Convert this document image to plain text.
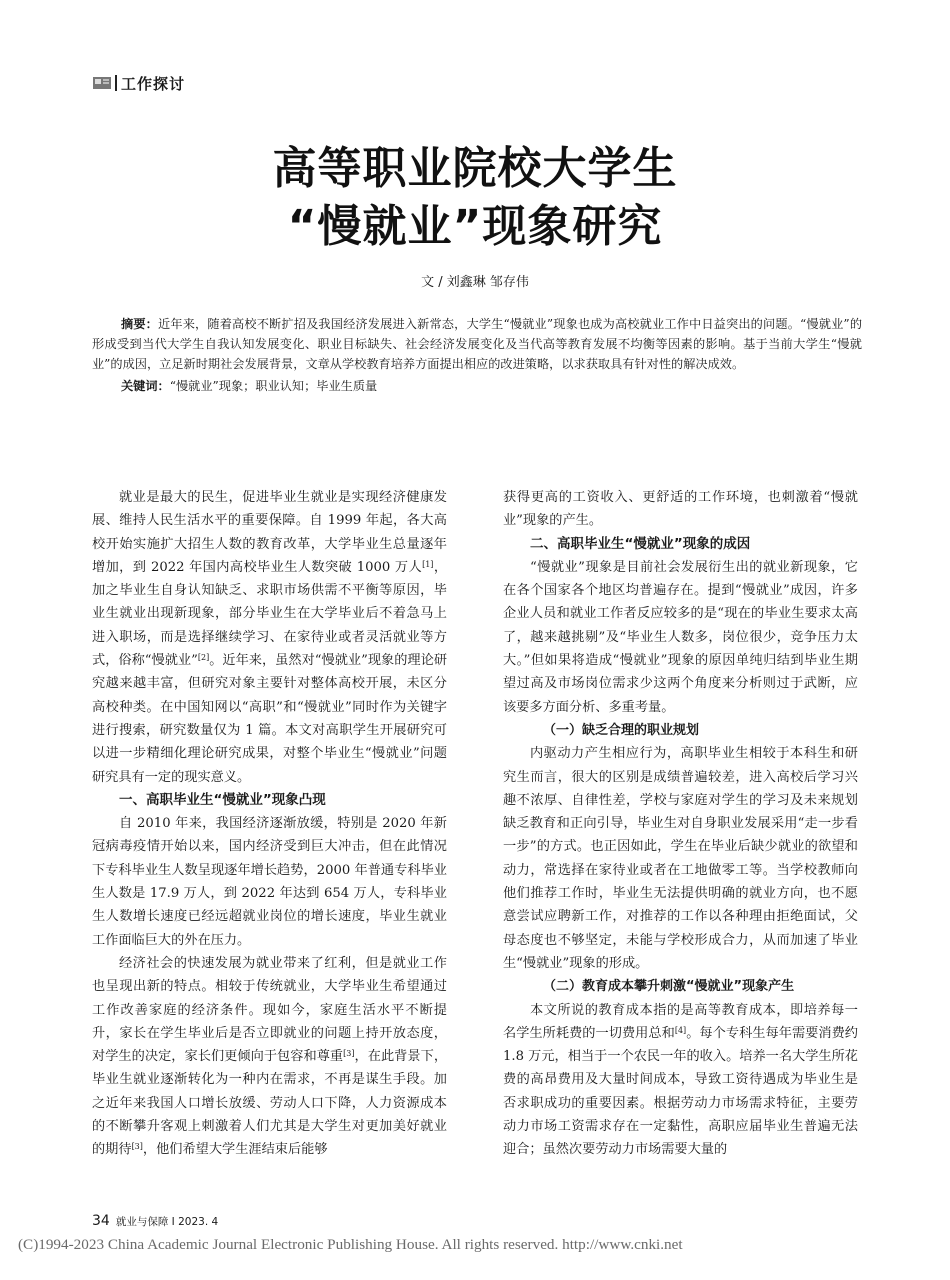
工作探讨
高等职业院校大学生
“慢就业”现象研究
文 / 刘鑫琳 邹存伟

摘要：近年来，随着高校不断扩招及我国经济发展进入新常态，大学生“慢就业”现象也成为高校就业工作中日益突出的问题。“慢就业”的形成受到当代大学生自我认知发展变化、职业目标缺失、社会经济发展变化及当代高等教育发展不均衡等因素的影响。基于当前大学生“慢就业”的成因，立足新时期社会发展背景，文章从学校教育培养方面提出相应的改进策略，以求获取具有针对性的解决成效。

关键词：“慢就业”现象；职业认知；毕业生质量

就业是最大的民生，促进毕业生就业是实现经济健康发展、维持人民生活水平的重要保障。自 1999 年起，各大高校开始实施扩大招生人数的教育改革，大学毕业生总量逐年增加，到 2022 年国内高校毕业生人数突破 1000 万人[1]，加之毕业生自身认知缺乏、求职市场供需不平衡等原因，毕业生就业出现新现象，部分毕业生在大学毕业后不着急马上进入职场，而是选择继续学习、在家待业或者灵活就业等方式，俗称“慢就业”[2]。近年来，虽然对“慢就业”现象的理论研究越来越丰富，但研究对象主要针对整体高校开展，未区分高校种类。在中国知网以“高职”和“慢就业”同时作为关键字进行搜索，研究数量仅为 1 篇。本文对高职学生开展研究可以进一步精细化理论研究成果，对整个毕业生“慢就业”问题研究具有一定的现实意义。

一、高职毕业生“慢就业”现象凸现

自 2010 年来，我国经济逐渐放缓，特别是 2020 年新冠病毒疫情开始以来，国内经济受到巨大冲击，但在此情况下专科毕业生人数呈现逐年增长趋势，2000 年普通专科毕业生人数是 17.9 万人，到 2022 年达到 654 万人，专科毕业生人数增长速度已经远超就业岗位的增长速度，毕业生就业工作面临巨大的外在压力。

经济社会的快速发展为就业带来了红利，但是就业工作也呈现出新的特点。相较于传统就业，大学毕业生希望通过工作改善家庭的经济条件。现如今，家庭生活水平不断提升，家长在学生毕业后是否立即就业的问题上持开放态度，对学生的决定，家长们更倾向于包容和尊重[3]，在此背景下，毕业生就业逐渐转化为一种内在需求，不再是谋生手段。加之近年来我国人口增长放缓、劳动人口下降，人力资源成本的不断攀升客观上刺激着人们尤其是大学生对更加美好就业的期待[3]，他们希望大学生涯结束后能够

获得更高的工资收入、更舒适的工作环境，也刺激着“慢就业”现象的产生。

二、高职毕业生“慢就业”现象的成因

“慢就业”现象是目前社会发展衍生出的就业新现象，它在各个国家各个地区均普遍存在。提到“慢就业”成因，许多企业人员和就业工作者反应较多的是“现在的毕业生要求太高了，越来越挑剔”及“毕业生人数多，岗位很少，竞争压力太大。”但如果将造成“慢就业”现象的原因单纯归结到毕业生期望过高及市场岗位需求少这两个角度来分析则过于武断，应该要多方面分析、多重考量。

（一）缺乏合理的职业规划

内驱动力产生相应行为，高职毕业生相较于本科生和研究生而言，很大的区别是成绩普遍较差，进入高校后学习兴趣不浓厚、自律性差，学校与家庭对学生的学习及未来规划缺乏教育和正向引导，毕业生对自身职业发展采用“走一步看一步”的方式。也正因如此，学生在毕业后缺少就业的欲望和动力，常选择在家待业或者在工地做零工等。当学校教师向他们推荐工作时，毕业生无法提供明确的就业方向，也不愿意尝试应聘新工作，对推荐的工作以各种理由拒绝面试，父母态度也不够坚定，未能与学校形成合力，从而加速了毕业生“慢就业”现象的形成。

（二）教育成本攀升刺激“慢就业”现象产生

本文所说的教育成本指的是高等教育成本，即培养每一名学生所耗费的一切费用总和[4]。每个专科生每年需要消费约 1.8 万元，相当于一个农民一年的收入。培养一名大学生所花费的高昂费用及大量时间成本，导致工资待遇成为毕业生是否求职成功的重要因素。根据劳动力市场需求特征，主要劳动力市场工资需求存在一定黏性，高职应届毕业生普遍无法迎合；虽然次要劳动力市场需要大量的

34 就业与保障 Ⅰ 2023. 4
(C)1994-2023 China Academic Journal Electronic Publishing House. All rights reserved. http://www.cnki.net
